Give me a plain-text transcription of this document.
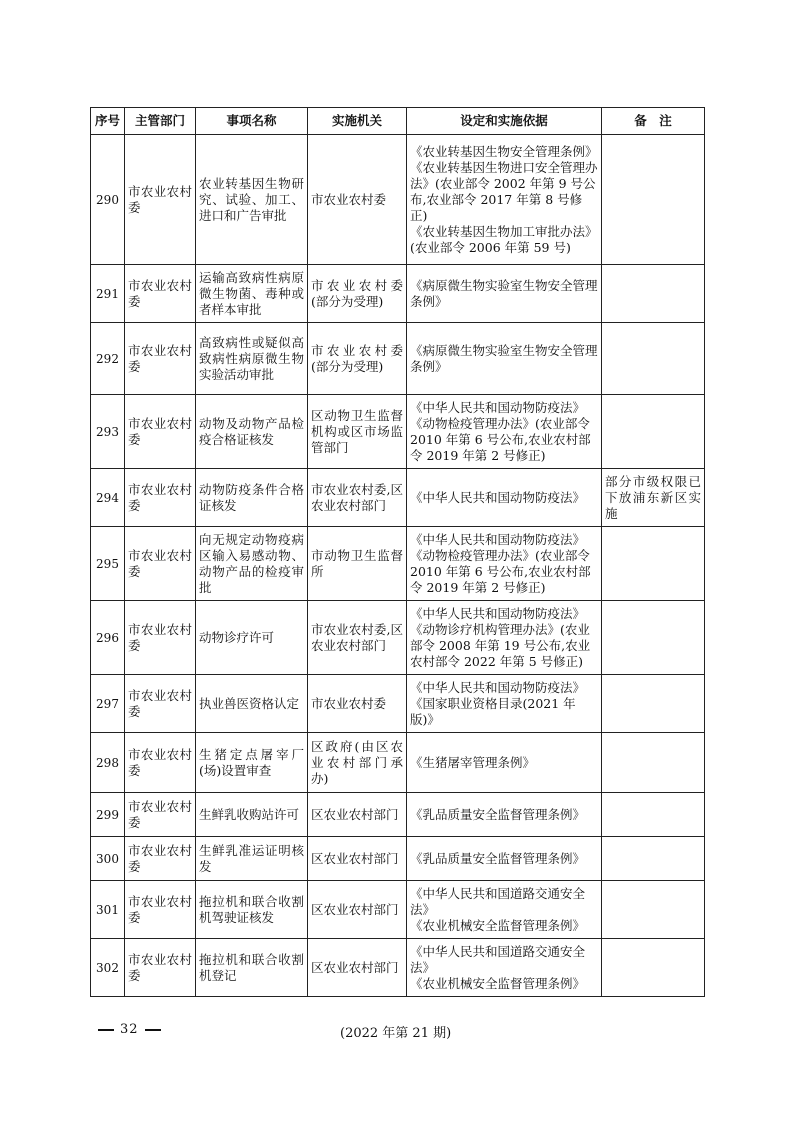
序号	主管部门	事项名称	实施机关	设定和实施依据	备　注
290	市农业农村委	农业转基因生物研究、试验、加工、进口和广告审批	市农业农村委	《农业转基因生物安全管理条例》
《农业转基因生物进口安全管理办法》(农业部令 2002 年第 9 号公布,农业部令 2017 年第 8 号修正)
《农业转基因生物加工审批办法》(农业部令 2006 年第 59 号)	
291	市农业农村委	运输高致病性病原微生物菌、毒种或者样本审批	市农业农村委(部分为受理)	《病原微生物实验室生物安全管理条例》	
292	市农业农村委	高致病性或疑似高致病性病原微生物实验活动审批	市农业农村委(部分为受理)	《病原微生物实验室生物安全管理条例》	
293	市农业农村委	动物及动物产品检疫合格证核发	区动物卫生监督机构或区市场监管部门	《中华人民共和国动物防疫法》
《动物检疫管理办法》(农业部令 2010 年第 6 号公布,农业农村部令 2019 年第 2 号修正)	
294	市农业农村委	动物防疫条件合格证核发	市农业农村委,区农业农村部门	《中华人民共和国动物防疫法》	部分市级权限已下放浦东新区实施
295	市农业农村委	向无规定动物疫病区输入易感动物、动物产品的检疫审批	市动物卫生监督所	《中华人民共和国动物防疫法》
《动物检疫管理办法》(农业部令 2010 年第 6 号公布,农业农村部令 2019 年第 2 号修正)	
296	市农业农村委	动物诊疗许可	市农业农村委,区农业农村部门	《中华人民共和国动物防疫法》
《动物诊疗机构管理办法》(农业部令 2008 年第 19 号公布,农业农村部令 2022 年第 5 号修正)	
297	市农业农村委	执业兽医资格认定	市农业农村委	《中华人民共和国动物防疫法》
《国家职业资格目录(2021 年版)》	
298	市农业农村委	生猪定点屠宰厂(场)设置审查	区政府(由区农业农村部门承办)	《生猪屠宰管理条例》	
299	市农业农村委	生鲜乳收购站许可	区农业农村部门	《乳品质量安全监督管理条例》	
300	市农业农村委	生鲜乳准运证明核发	区农业农村部门	《乳品质量安全监督管理条例》	
301	市农业农村委	拖拉机和联合收割机驾驶证核发	区农业农村部门	《中华人民共和国道路交通安全法》
《农业机械安全监督管理条例》	
302	市农业农村委	拖拉机和联合收割机登记	区农业农村部门	《中华人民共和国道路交通安全法》
《农业机械安全监督管理条例》	
32	(2022 年第 21 期)
